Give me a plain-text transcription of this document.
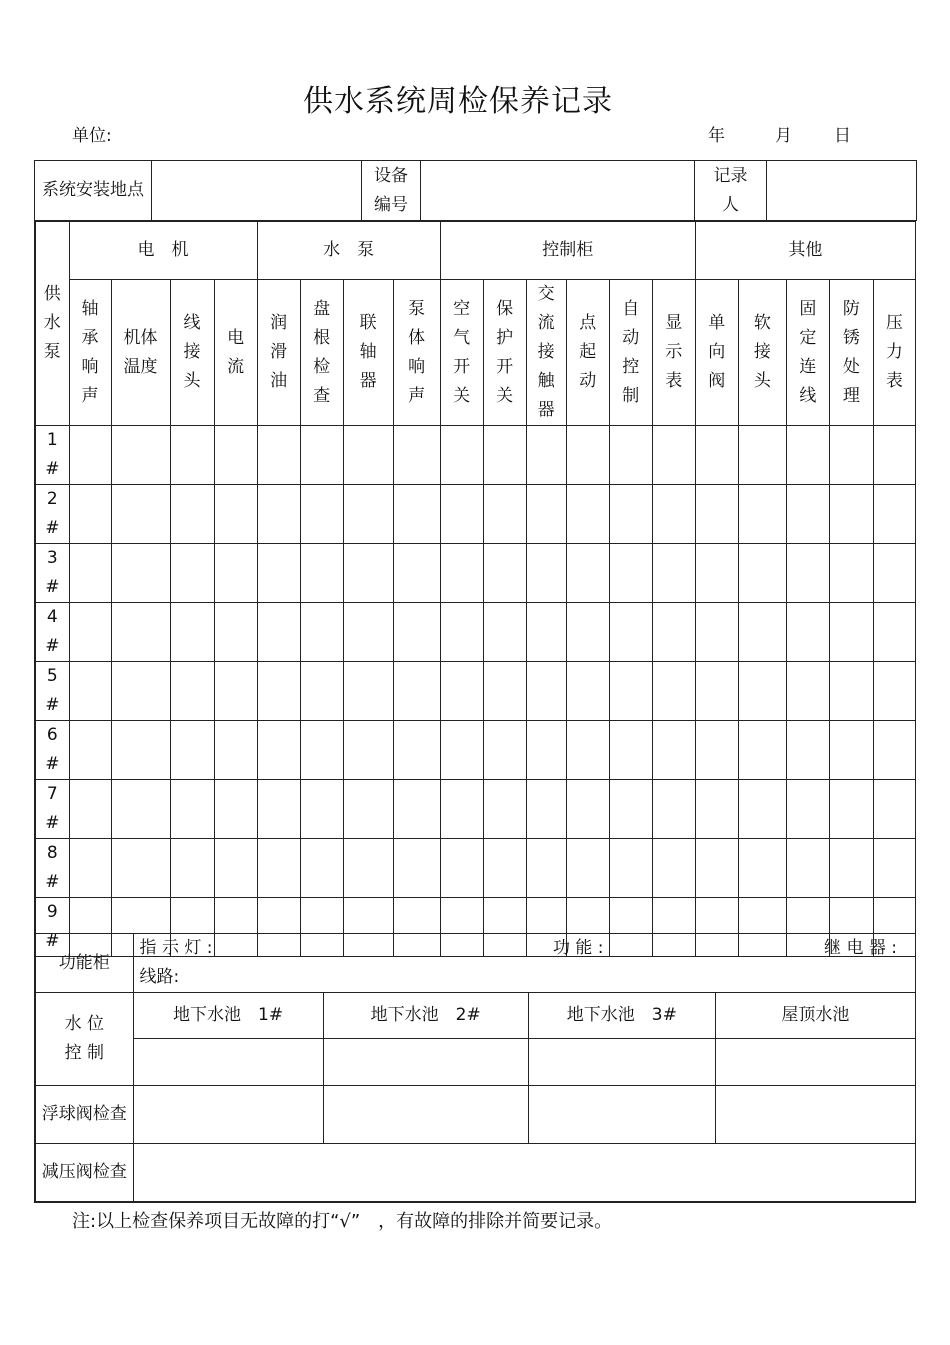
供水系统周检保养记录
单位:	年	月 日
系统安装地点		设备编号		记录人	
供水泵	电　机				水　泵				控制柜						其他				
	轴承响声	机体温度	线接头	电流	润滑油	盘根检查	联轴器	泵体响声	空气开关	保护开关	交流接触器	点起动	自动控制	显示表	单向阀	软接头	固定连线	防锈处理	压力表
1#																			
2#																			
3#																			
4#																			
5#																			
6#																			
7#																			
8#																			
9#																			
功能柜	指 示 灯 : 功 能 : 继 电 器 :
线路:			

水 位 控 制	地下水池　1#	地下水池　2#	地下水池　3#	屋顶水池

浮球阀检查				
减压阀检查				
注:以上检查保养项目无故障的打“√”　，有故障的排除并简要记录。
